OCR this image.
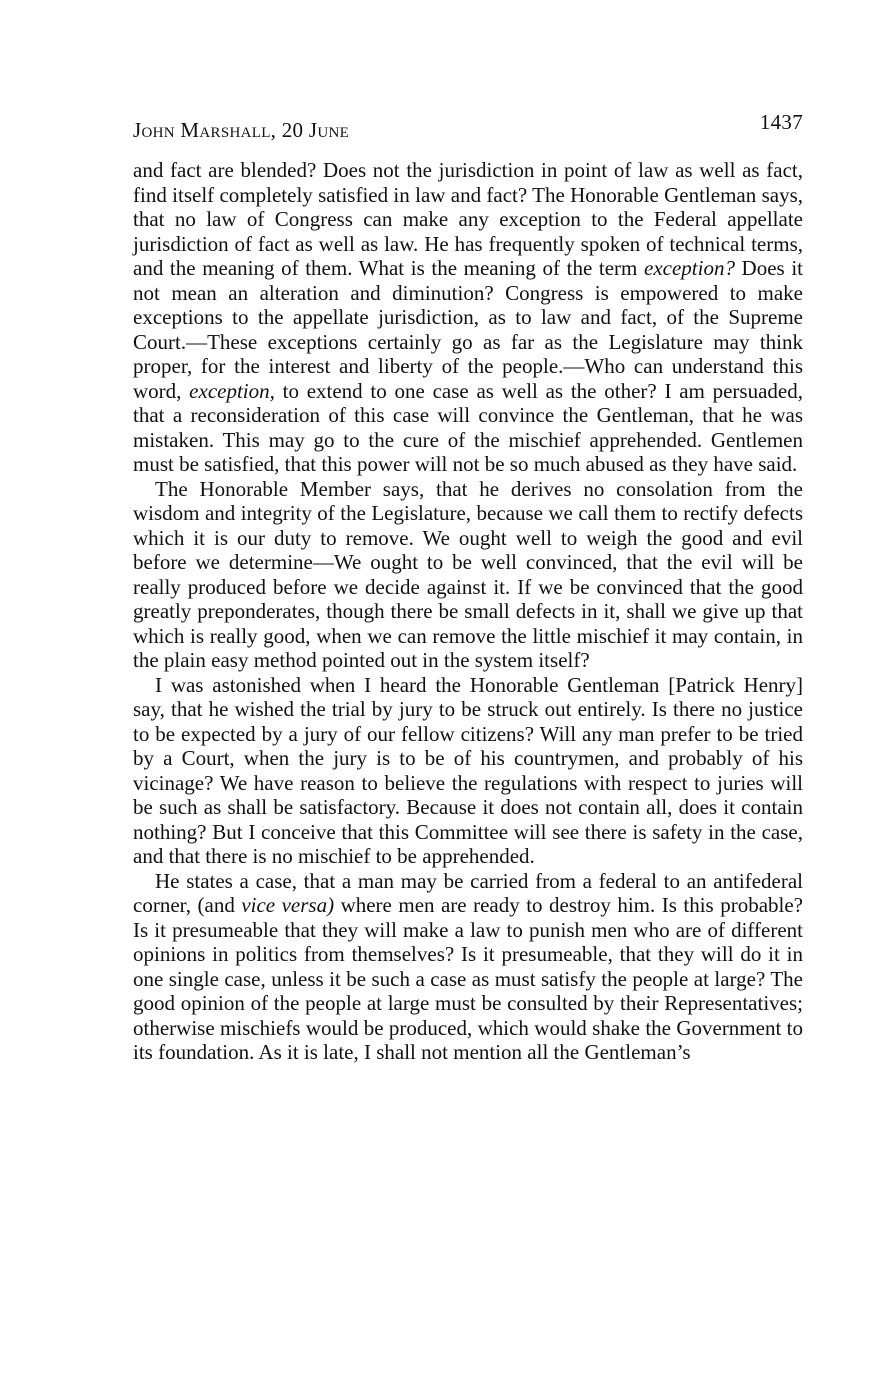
John Marshall, 20 June	1437

and fact are blended? Does not the jurisdiction in point of law as well as fact, find itself completely satisfied in law and fact? The Honorable Gentleman says, that no law of Congress can make any exception to the Federal appellate jurisdiction of fact as well as law. He has frequently spoken of technical terms, and the meaning of them. What is the meaning of the term exception? Does it not mean an alteration and diminution? Congress is empowered to make exceptions to the appellate jurisdiction, as to law and fact, of the Supreme Court.—These exceptions certainly go as far as the Legislature may think proper, for the interest and liberty of the people.—Who can understand this word, exception, to extend to one case as well as the other? I am persuaded, that a reconsideration of this case will convince the Gentleman, that he was mistaken. This may go to the cure of the mischief apprehended. Gentlemen must be satisfied, that this power will not be so much abused as they have said.

The Honorable Member says, that he derives no consolation from the wisdom and integrity of the Legislature, because we call them to rectify defects which it is our duty to remove. We ought well to weigh the good and evil before we determine—We ought to be well convinced, that the evil will be really produced before we decide against it. If we be convinced that the good greatly preponderates, though there be small defects in it, shall we give up that which is really good, when we can remove the little mischief it may contain, in the plain easy method pointed out in the system itself?

I was astonished when I heard the Honorable Gentleman [Patrick Henry] say, that he wished the trial by jury to be struck out entirely. Is there no justice to be expected by a jury of our fellow citizens? Will any man prefer to be tried by a Court, when the jury is to be of his countrymen, and probably of his vicinage? We have reason to believe the regulations with respect to juries will be such as shall be satisfactory. Because it does not contain all, does it contain nothing? But I conceive that this Committee will see there is safety in the case, and that there is no mischief to be apprehended.

He states a case, that a man may be carried from a federal to an antifederal corner, (and vice versa) where men are ready to destroy him. Is this probable? Is it presumeable that they will make a law to punish men who are of different opinions in politics from themselves? Is it presumeable, that they will do it in one single case, unless it be such a case as must satisfy the people at large? The good opinion of the people at large must be consulted by their Representatives; otherwise mischiefs would be produced, which would shake the Government to its foundation. As it is late, I shall not mention all the Gentleman’s
